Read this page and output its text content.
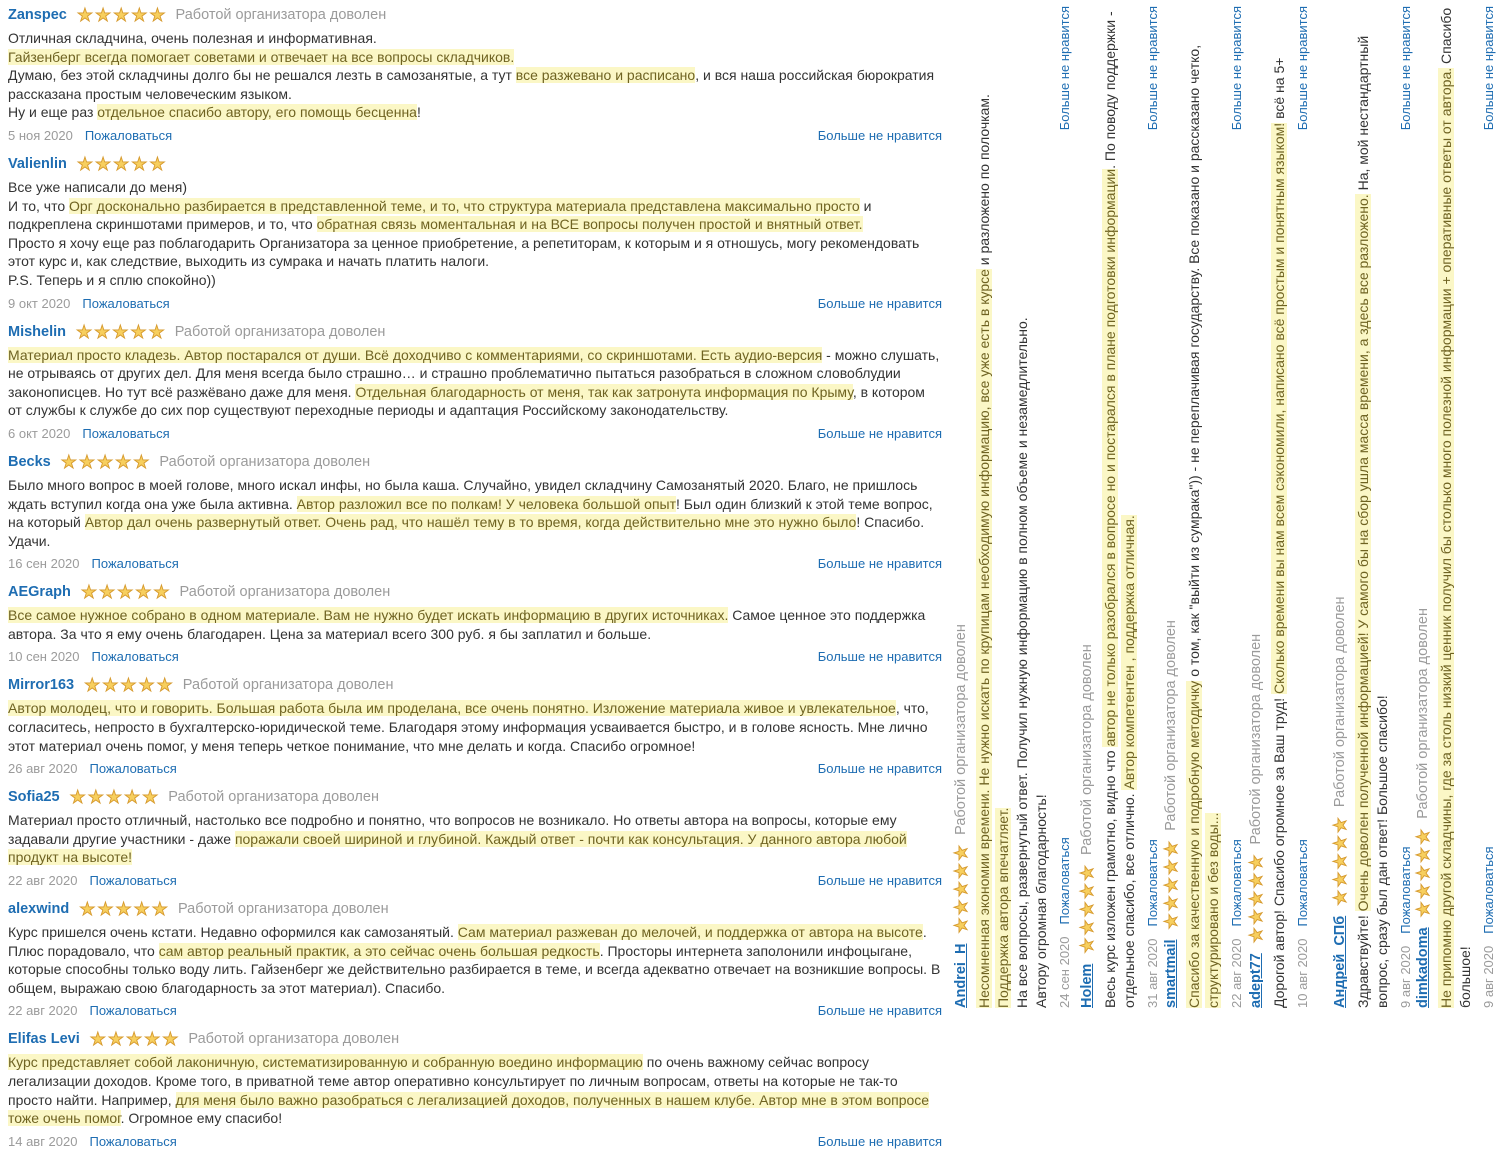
Zanspec ★★★★★ Работой организатора доволен
Отличная складчина, очень полезная и информативная.
Гайзенберг всегда помогает советами и отвечает на все вопросы складчиков.
Думаю, без этой складчины долго бы не решался лезть в самозанятые, а тут все разжевано и расписано, и вся наша российская бюрократия рассказана простым человеческим языком.
Ну и еще раз отдельное спасибо автору, его помощь бесценна!
5 ноя 2020 Пожаловаться	Больше не нравится
Valienlin ★★★★★
Все уже написали до меня)
И то, что Орг досконально разбирается в представленной теме, и то, что структура материала представлена максимально просто и подкреплена скриншотами примеров, и то, что обратная связь моментальная и на ВСЕ вопросы получен простой и внятный ответ.
Просто я хочу еще раз поблагодарить Организатора за ценное приобретение, а репетиторам, к которым и я отношусь, могу рекомендовать этот курс и, как следствие, выходить из сумрака и начать платить налоги.
P.S. Теперь и я сплю спокойно))
9 окт 2020 Пожаловаться	Больше не нравится
Mishelin ★★★★★ Работой организатора доволен
Материал просто кладезь. Автор постарался от души. Всё доходчиво с комментариями, со скриншотами. Есть аудио-версия - можно слушать, не отрываясь от других дел. Для меня всегда было страшно… и страшно проблематично пытаться разобраться в сложном словоблудии законописцев. Но тут всё разжёвано даже для меня. Отдельная благодарность от меня, так как затронута информация по Крыму, в котором от службы к службе до сих пор существуют переходные периоды и адаптация Российскому законодательству.
6 окт 2020 Пожаловаться	Больше не нравится
Becks ★★★★★ Работой организатора доволен
Было много вопрос в моей голове, много искал инфы, но была каша. Случайно, увидел складчину Самозанятый 2020. Благо, не пришлось ждать вступил когда она уже была активна. Автор разложил все по полкам! У человека большой опыт! Был один близкий к этой теме вопрос, на который Автор дал очень развернутый ответ. Очень рад, что нашёл тему в то время, когда действительно мне это нужно было! Спасибо. Удачи.
16 сен 2020 Пожаловаться	Больше не нравится
AEGraph ★★★★★ Работой организатора доволен
Все самое нужное собрано в одном материале. Вам не нужно будет искать информацию в других источниках. Самое ценное это поддержка автора. За что я ему очень благодарен. Цена за материал всего 300 руб. я бы заплатил и больше.
10 сен 2020 Пожаловаться	Больше не нравится
Mirror163 ★★★★★ Работой организатора доволен
Автор молодец, что и говорить. Большая работа была им проделана, все очень понятно. Изложение материала живое и увлекательное, что, согласитесь, непросто в бухгалтерско-юридической теме. Благодаря этому информация усваивается быстро, и в голове ясность. Мне лично этот материал очень помог, у меня теперь четкое понимание, что мне делать и когда. Спасибо огромное!
26 авг 2020 Пожаловаться	Больше не нравится
Sofia25 ★★★★★ Работой организатора доволен
Материал просто отличный, настолько все подробно и понятно, что вопросов не возникало. Но ответы автора на вопросы, которые ему задавали другие участники - даже поражали своей шириной и глубиной. Каждый ответ - почти как консультация. У данного автора любой продукт на высоте!
22 авг 2020 Пожаловаться	Больше не нравится
alexwind ★★★★★ Работой организатора доволен
Курс пришелся очень кстати. Недавно оформился как самозанятый. Сам материал разжеван до мелочей, и поддержка от автора на высоте. Плюс порадовало, что сам автор реальный практик, а это сейчас очень большая редкость. Просторы интернета заполонили инфоцыгане, которые способны только воду лить. Гайзенберг же действительно разбирается в теме, и всегда адекватно отвечает на возникшие вопросы. В общем, выражаю свою благодарность за этот материал). Спасибо.
22 авг 2020 Пожаловаться	Больше не нравится
Elifas Levi ★★★★★ Работой организатора доволен
Курс представляет собой лаконичную, систематизированную и собранную воедино информацию по очень важному сейчас вопросу легализации доходов. Кроме того, в приватной теме автор оперативно консультирует по личным вопросам, ответы на которые не так-то просто найти. Например, для меня было важно разобраться с легализацией доходов, полученных в нашем клубе. Автор мне в этом вопросе тоже очень помог. Огромное ему спасибо!
14 авг 2020 Пожаловаться	Больше не нравится
Andrei_H
★★★★★
Работой организатора доволен Несомненная экономии времени. Не нужно искать по крупицам необходимую информацию, все уже есть в курсе и разложено по полочкам.
Поддержка автора впечатляет. На все вопросы, развернутый ответ. Получил нужную информацию в полном объеме и незамедлительно. Автору огромная благодарность! 24 сен 2020
Пожаловаться
Больше не нравится
Holem
★★★★★
Работой организатора доволен Весь курс изложен грамотно, видно что автор не только разобрался в вопросе но и постарался в плане подготовки информации. По поводу поддержки - отдельное спасибо, все отлично. Автор компетентен , поддержка отличная.
31 авг 2020
Пожаловаться
Больше не нравится
smartmail
★★★★★
Работой организатора доволен Спасибо за качественную и подробную методичку о том, как "выйти из сумрака")) - не переплачивая государству. Все показано и рассказано четко, структурировано и без воды... 22 авг 2020
Пожаловаться
Больше не нравится
adept77
★★★★★
Работой организатора доволен Дорогой автор! Спасибо огромное за Ваш труд! Сколько времени вы нам всем сэкономили, написано всё простым и понятным языком! всё на 5+
10 авг 2020
Пожаловаться
Больше не нравится
Андрей_СПб
★★★★★
Работой организатора доволен
Здравствуйте! Очень доволен полученной информацией! У самого бы на сбор ушла масса времени, а здесь все разложено. На, мой нестандартный вопрос, сразу был дан ответ! Большое спасибо! 9 авг 2020
Пожаловаться
Больше не нравится
dimkadoma
★★★★★
Работой организатора доволен Не припомню другой складчины, где за столь низкий ценник получил бы столько много полезной информации + оперативные ответы от автора. Спасибо большое! 9 авг 2020
Пожаловаться
Больше не нравится
